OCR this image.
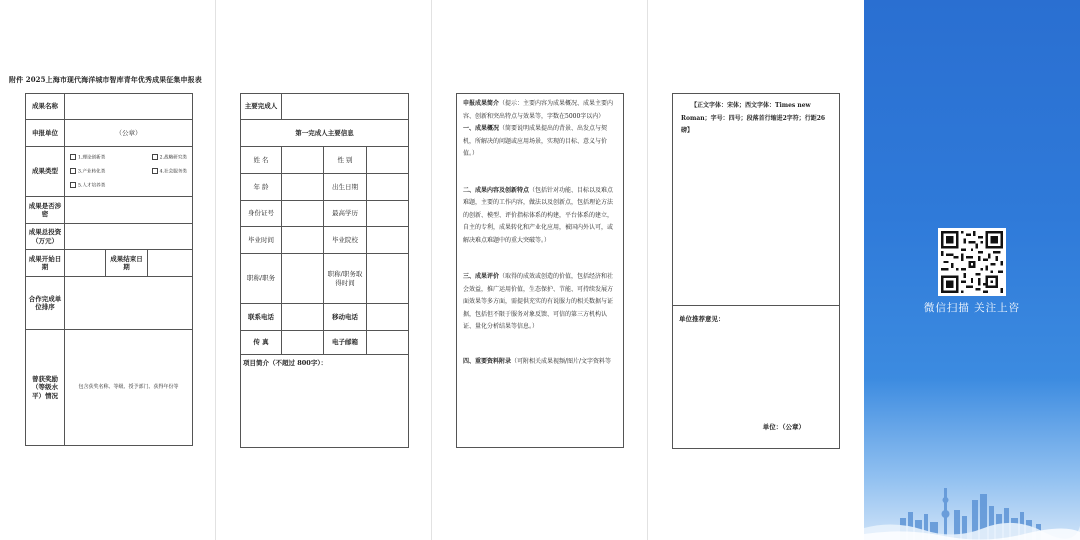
附件 2025上海市现代海洋城市智库青年优秀成果征集申报表
成果名称			
申报单位	（公章）		
成果类型	1.理论创新类 2.战略研究类
3.产业转化类 4.社会服务类
5.人才培养类		

成果是否涉密			
成果总投资（万元）			
成果开始日期		成果结束日期	
合作完成单位排序			
曾获奖励（等级水平）情况	包含获奖名称、等级、授予部门、获得年份等		
主要完成人			
第一完成人主要信息			
姓 名		性 别	
年 龄		出生日期	
身份证号		最高学历	
毕业时间		毕业院校	
职称/职务		职称/职务取得时间	
联系电话		移动电话	
传 真		电子邮箱	
项目简介（不超过 800字）：			
申报成果简介（提示：主要内容为成果概况、成果主要内容、创新和突出特点与效果等，字数在5000字以内）
一、成果概况（简要说明成果提出的背景、出发点与契机，所解决的问题或应用场景，实现的目标、意义与价值。）
二、成果内容及创新特点（包括针对功能、目标以及难点难题，主要的工作内容，做法以及创新点，包括理论方法的创新、模型、评价指标体系的构建，平台体系的建立，自主的专利，成果转化和产业化应用，被国内外认可，或解决难点难题中的重大突破等。）
三、成果评价（取得的成效或创造的价值，包括经济和社会效益，推广运用价值，生态保护、节能、可持续发展方面效果等多方面，需提供充实的有说服力的相关数据与证据，包括但不限于服务对象反馈、可信的第三方机构认证、量化分析结果等信息。）
四、重要资料附录（可附相关成果视频/图片/文字资料等
【正文字体：宋体；西文字体：Times new Roman；字号：四号；段落首行缩进2字符；行距26磅】
单位推荐意见：
单位：（公章）
微信扫描 关注上咨
